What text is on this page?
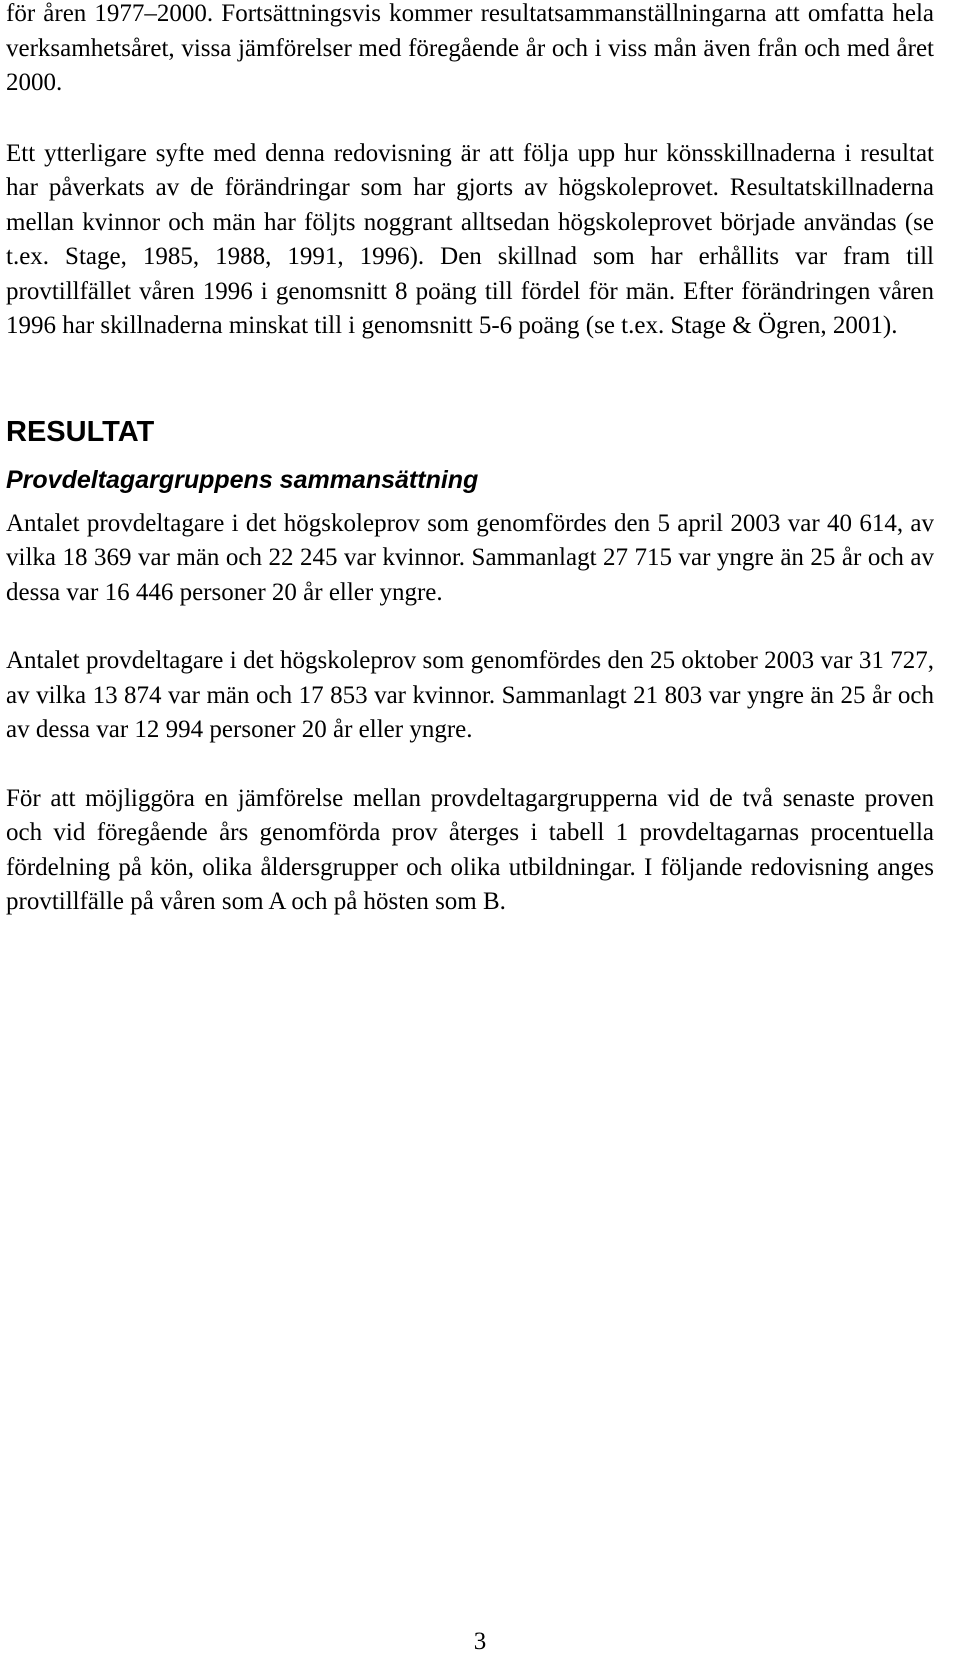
för åren 1977–2000. Fortsättningsvis kommer resultatsammanställningarna att omfatta hela verksamhetsåret, vissa jämförelser med föregående år och i viss mån även från och med året 2000.

Ett ytterligare syfte med denna redovisning är att följa upp hur könsskillnaderna i resultat har påverkats av de förändringar som har gjorts av högskoleprovet. Resultatskillnaderna mellan kvinnor och män har följts noggrant alltsedan högskoleprovet började användas (se t.ex. Stage, 1985, 1988, 1991, 1996). Den skillnad som har erhållits var fram till provtillfället våren 1996 i genomsnitt 8 poäng till fördel för män. Efter förändringen våren 1996 har skillnaderna minskat till i genomsnitt 5-6 poäng (se t.ex. Stage & Ögren, 2001).

RESULTAT
Provdeltagargruppens sammansättning

Antalet provdeltagare i det högskoleprov som genomfördes den 5 april 2003 var 40 614, av vilka 18 369 var män och 22 245 var kvinnor. Sammanlagt 27 715 var yngre än 25 år och av dessa var 16 446 personer 20 år eller yngre.

Antalet provdeltagare i det högskoleprov som genomfördes den 25 oktober 2003 var 31 727, av vilka 13 874 var män och 17 853 var kvinnor. Sammanlagt 21 803 var yngre än 25 år och av dessa var 12 994 personer 20 år eller yngre.

För att möjliggöra en jämförelse mellan provdeltagargrupperna vid de två senaste proven och vid föregående års genomförda prov återges i tabell 1 provdeltagarnas procentuella fördelning på kön, olika åldersgrupper och olika utbildningar. I följande redovisning anges provtillfälle på våren som A och på hösten som B.

3
